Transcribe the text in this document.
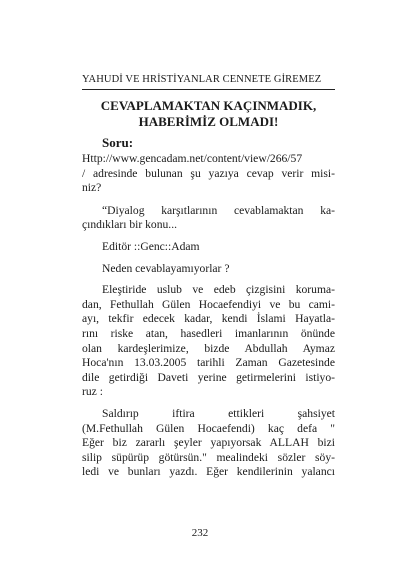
YAHUDİ VE HRİSTİYANLAR CENNETE GİREMEZ
CEVAPLAMAKTAN KAÇINMADIK,
HABERİMİZ OLMADI!
Soru:
Http://www.gencadam.net/content/view/266/57
/ adresinde bulunan şu yazıya cevap verir misi-
niz?
“Diyalog karşıtlarının cevablamaktan ka-
çındıkları bir konu...
Editör ::Genc::Adam
Neden cevablayamıyorlar ?
Eleştiride uslub ve edeb çizgisini koruma-
dan, Fethullah Gülen Hocaefendiyi ve bu cami-
ayı, tekfir edecek kadar, kendi İslami Hayatla-
rını riske atan, hasedleri imanlarının önünde
olan kardeşlerimize, bizde Abdullah Aymaz
Hoca'nın 13.03.2005 tarihli Zaman Gazetesinde
dile getirdiği Daveti yerine getirmelerini istiyo-
ruz :
Saldırıp      iftira      ettikleri      şahsiyet
(M.Fethullah Gülen Hocaefendi) kaç defa "
Eğer biz zararlı şeyler yapıyorsak ALLAH bizi
silip süpürüp götürsün." mealindeki sözler söy-
ledi ve bunları yazdı. Eğer kendilerinin yalancı
232
